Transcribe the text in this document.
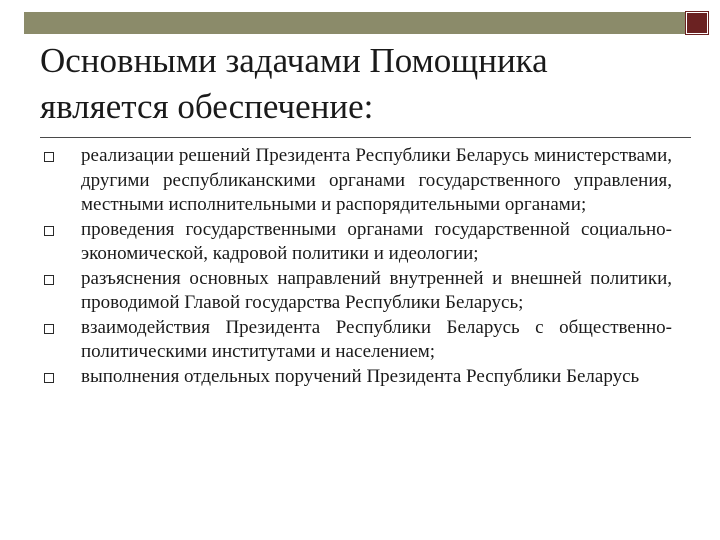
Основными задачами Помощника
является обеспечение:
реализации решений Президента Республики Беларусь министерствами, другими республиканскими органами государственного управления, местными исполнительными и распорядительными органами;
проведения государственными органами государственной социально-экономической, кадровой политики и идеологии;
разъяснения основных направлений внутренней и внешней политики, проводимой Главой государства Республики Беларусь;
взаимодействия Президента Республики Беларусь с общественно-политическими институтами и населением;
выполнения отдельных поручений Президента Республики Беларусь
